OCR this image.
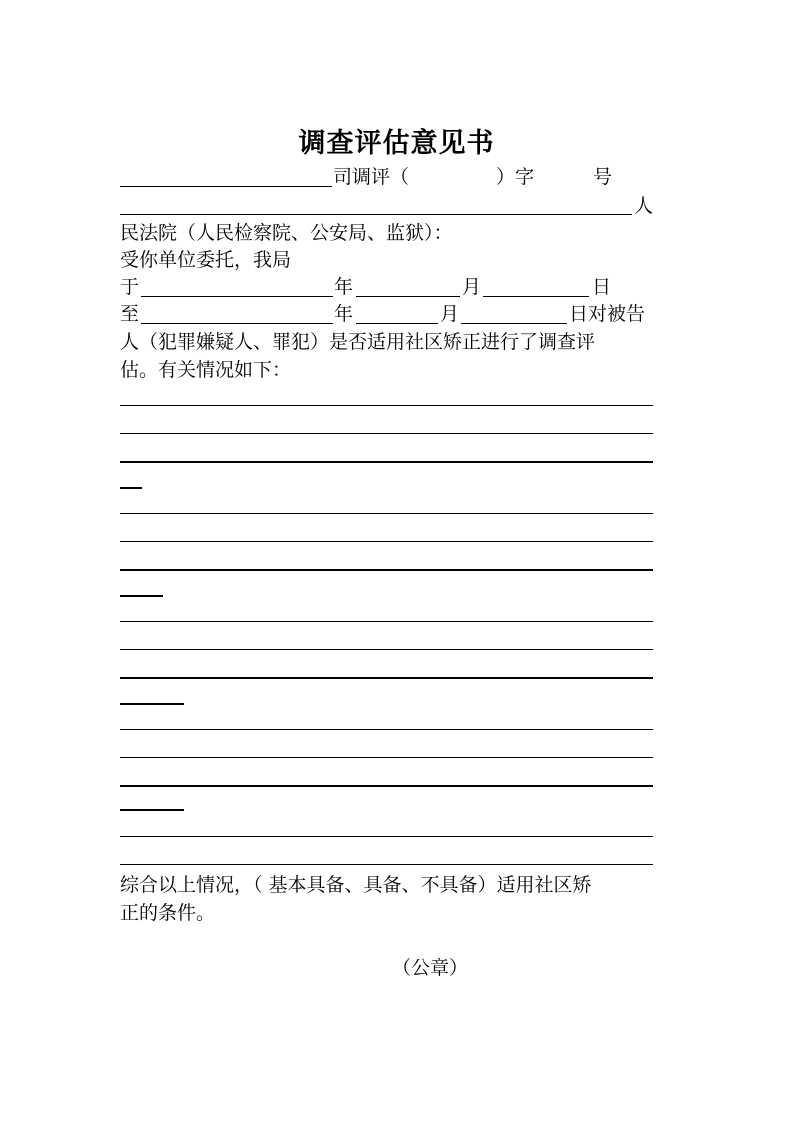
调查评估意见书
司调评（	）字	号
人
民法院（人民检察院、公安局、监狱）：
受你单位委托，我局
于	年	月	日
至	年	月	日对被告
人（犯罪嫌疑人、罪犯）是否适用社区矫正进行了调查评
估。有关情况如下：
综合以上情况，（ 基本具备、具备、不具备）适用社区矫
正的条件。
（公章）
